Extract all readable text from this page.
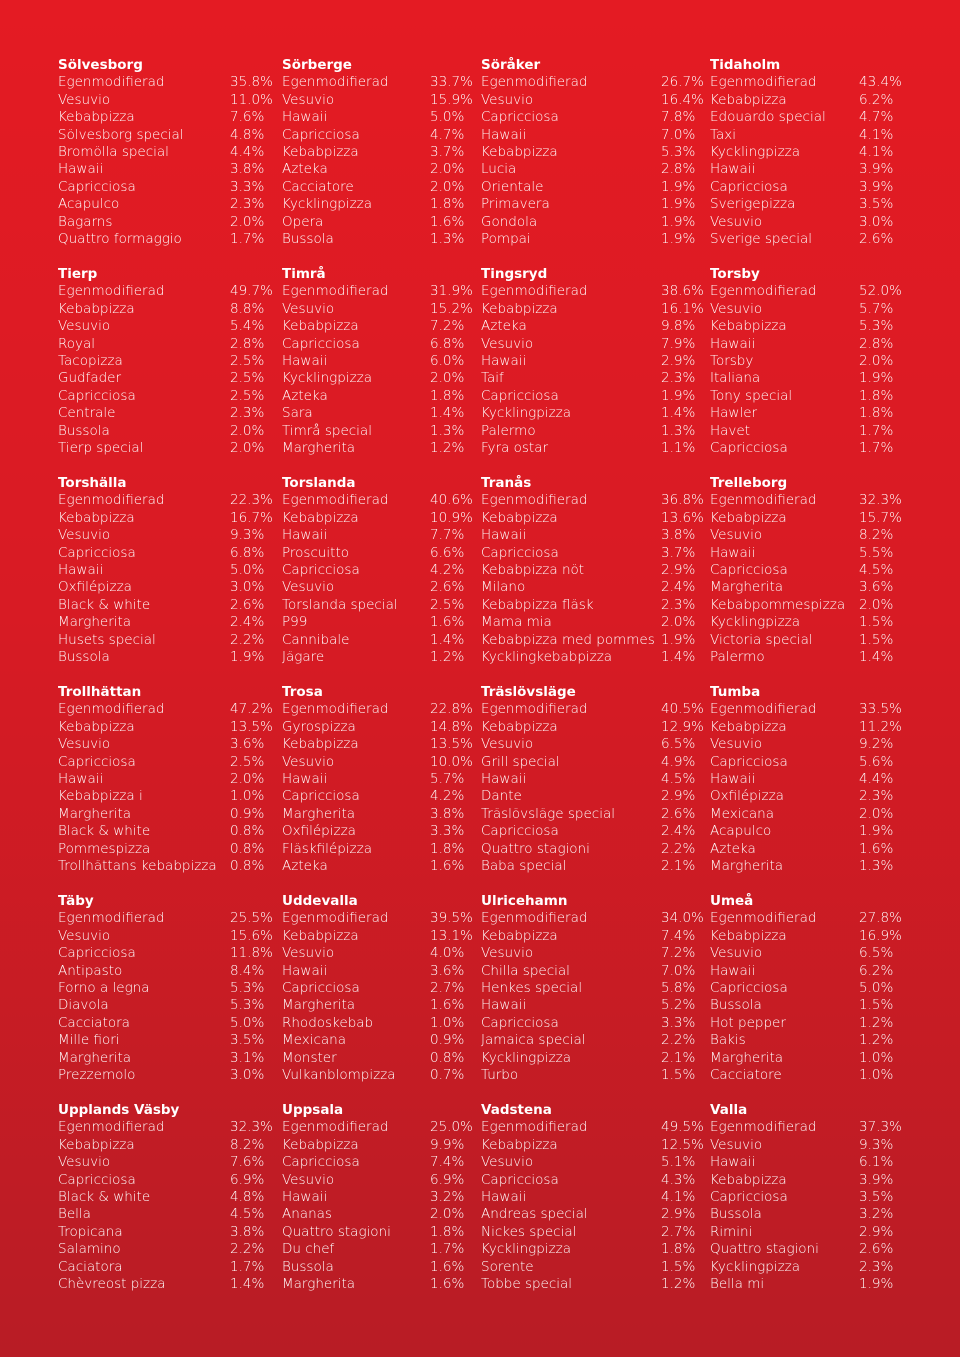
Sölvesborg
Egenmodifierad	35.8%
Vesuvio	11.0%
Kebabpizza	7.6%
Sölvesborg special	4.8%
Bromölla special	4.4%
Hawaii	3.8%
Capricciosa	3.3%
Acapulco	2.3%
Bagarns	2.0%
Quattro formaggio	1.7%
Sörberge
Egenmodifierad	33.7%
Vesuvio	15.9%
Hawaii	5.0%
Capricciosa	4.7%
Kebabpizza	3.7%
Azteka	2.0%
Cacciatore	2.0%
Kycklingpizza	1.8%
Opera	1.6%
Bussola	1.3%
Söråker
Egenmodifierad	26.7%
Vesuvio	16.4%
Capricciosa	7.8%
Hawaii	7.0%
Kebabpizza	5.3%
Lucia	2.8%
Orientale	1.9%
Primavera	1.9%
Gondola	1.9%
Pompai	1.9%
Tidaholm
Egenmodifierad	43.4%
Kebabpizza	6.2%
Edouardo special 4.7%
Taxi	4.1%
Kycklingpizza	4.1%
Hawaii	3.9%
Capricciosa	3.9%
Sverigepizza	3.5%
Vesuvio	3.0%
Sverige special	2.6%
Tierp
Egenmodifierad	49.7%
Kebabpizza	8.8%
Vesuvio	5.4%
Royal	2.8%
Tacopizza	2.5%
Gudfader	2.5%
Capricciosa	2.5%
Centrale	2.3%
Bussola	2.0%
Tierp special	2.0%
Timrå
Egenmodifierad	31.9%
Vesuvio	15.2%
Kebabpizza	7.2%
Capricciosa	6.8%
Hawaii	6.0%
Kycklingpizza	2.0%
Azteka	1.8%
Sara	1.4%
Timrå special	1.3%
Margherita	1.2%
Tingsryd
Egenmodifierad	38.6%
Kebabpizza	16.1%
Azteka	9.8%
Vesuvio	7.9%
Hawaii	2.9%
Taif	2.3%
Capricciosa	1.9%
Kycklingpizza	1.4%
Palermo	1.3%
Fyra ostar	1.1%
Torsby
Egenmodifierad	52.0%
Vesuvio	5.7%
Kebabpizza	5.3%
Hawaii	2.8%
Torsby	2.0%
Italiana	1.9%
Tony special	1.8%
Hawler	1.8%
Havet	1.7%
Capricciosa	1.7%
Torshälla
Egenmodifierad	22.3%
Kebabpizza	16.7%
Vesuvio	9.3%
Capricciosa	6.8%
Hawaii	5.0%
Oxfilépizza	3.0%
Black & white	2.6%
Margherita	2.4%
Husets special	2.2%
Bussola	1.9%
Torslanda
Egenmodifierad	40.6%
Kebabpizza	10.9%
Hawaii	7.7%
Proscuitto	6.6%
Capricciosa	4.2%
Vesuvio	2.6%
Torslanda special 2.5%
P99	1.6%
Cannibale	1.4%
Jägare	1.2%
Tranås
Egenmodifierad	36.8%
Kebabpizza	13.6%
Hawaii	3.8%
Capricciosa	3.7%
Kebabpizza nöt	2.9%
Milano	2.4%
Kebabpizza fläsk	2.3%
Mama mia	2.0%
Kebabpizza med pommes 1.9%
Kycklingkebabpizza	1.4%
Trelleborg
Egenmodifierad	32.3%
Kebabpizza	15.7%
Vesuvio	8.2%
Hawaii	5.5%
Capricciosa	4.5%
Margherita	3.6%
Kebabpommespizza 2.0%
Kycklingpizza	1.5%
Victoria special	1.5%
Palermo	1.4%
Trollhättan
Egenmodifierad	47.2%
Kebabpizza	13.5%
Vesuvio	3.6%
Capricciosa	2.5%
Hawaii	2.0%
Kebabpizza i	1.0%
Margherita	0.9%
Black & white	0.8%
Pommespizza	0.8%
Trollhättans kebabpizza 0.8%
Trosa
Egenmodifierad	22.8%
Gyrospizza	14.8%
Kebabpizza	13.5%
Vesuvio	10.0%
Hawaii	5.7%
Capricciosa	4.2%
Margherita	3.8%
Oxfilépizza	3.3%
Fläskfilépizza	1.8%
Azteka	1.6%
Träslövsläge
Egenmodifierad	40.5%
Kebabpizza	12.9%
Vesuvio	6.5%
Grill special	4.9%
Hawaii	4.5%
Dante	2.9%
Träslövsläge special	2.6%
Capricciosa	2.4%
Quattro stagioni	2.2%
Baba special	2.1%
Tumba
Egenmodifierad	33.5%
Kebabpizza	11.2%
Vesuvio	9.2%
Capricciosa	5.6%
Hawaii	4.4%
Oxfilépizza	2.3%
Mexicana	2.0%
Acapulco	1.9%
Azteka	1.6%
Margherita	1.3%
Täby
Egenmodifierad	25.5%
Vesuvio	15.6%
Capricciosa	11.8%
Antipasto	8.4%
Forno a legna	5.3%
Diavola	5.3%
Cacciatora	5.0%
Mille fiori	3.5%
Margherita	3.1%
Prezzemolo	3.0%
Uddevalla
Egenmodifierad	39.5%
Kebabpizza	13.1%
Vesuvio	4.0%
Hawaii	3.6%
Capricciosa	2.7%
Margherita	1.6%
Rhodoskebab	1.0%
Mexicana	0.9%
Monster	0.8%
Vulkanblompizza	0.7%
Ulricehamn
Egenmodifierad	34.0%
Kebabpizza	7.4%
Vesuvio	7.2%
Chilla special	7.0%
Henkes special	5.8%
Hawaii	5.2%
Capricciosa	3.3%
Jamaica special	2.2%
Kycklingpizza	2.1%
Turbo	1.5%
Umeå
Egenmodifierad	27.8%
Kebabpizza	16.9%
Vesuvio	6.5%
Hawaii	6.2%
Capricciosa	5.0%
Bussola	1.5%
Hot pepper	1.2%
Bakis	1.2%
Margherita	1.0%
Cacciatore	1.0%
Upplands Väsby
Egenmodifierad	32.3%
Kebabpizza	8.2%
Vesuvio	7.6%
Capricciosa	6.9%
Black & white	4.8%
Bella	4.5%
Tropicana	3.8%
Salamino	2.2%
Caciatora	1.7%
Chèvreost pizza	1.4%
Uppsala
Egenmodifierad	25.0%
Kebabpizza	9.9%
Capricciosa	7.4%
Vesuvio	6.9%
Hawaii	3.2%
Ananas	2.0%
Quattro stagioni	1.8%
Du chef	1.7%
Bussola	1.6%
Margherita	1.6%
Vadstena
Egenmodifierad	49.5%
Kebabpizza	12.5%
Vesuvio	5.1%
Capricciosa	4.3%
Hawaii	4.1%
Andreas special	2.9%
Nickes special	2.7%
Kycklingpizza	1.8%
Sorente	1.5%
Tobbe special	1.2%
Valla
Egenmodifierad	37.3%
Vesuvio	9.3%
Hawaii	6.1%
Kebabpizza	3.9%
Capricciosa	3.5%
Bussola	3.2%
Rimini	2.9%
Quattro stagioni	2.6%
Kycklingpizza	2.3%
Bella mi	1.9%
